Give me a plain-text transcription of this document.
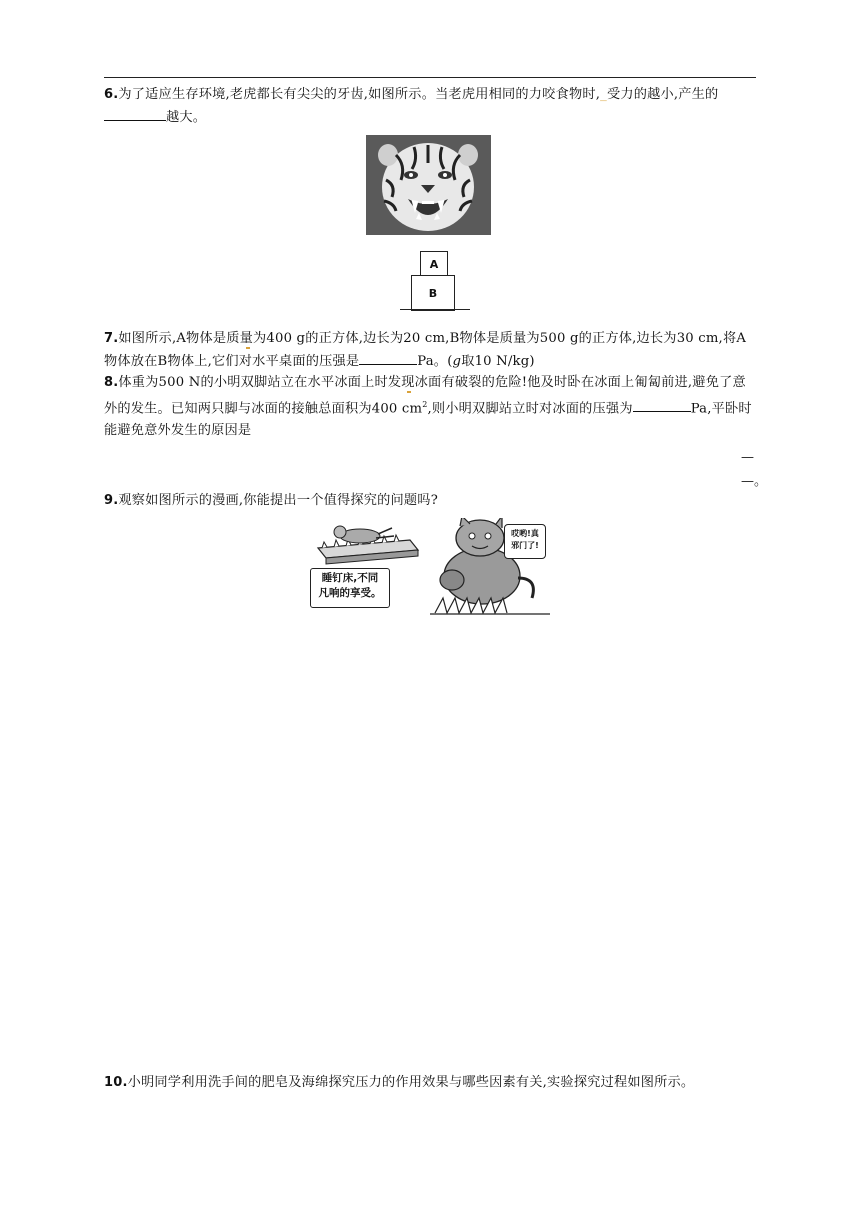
6.为了适应生存环境,老虎都长有尖尖的牙齿,如图所示。当老虎用相同的力咬食物时,_受力的越小,产生的越大。
A
B
7.如图所示,A物体是质量为400 g的正方体,边长为20 cm,B物体是质量为500 g的正方体,边长为30 cm,将A物体放在B物体上,它们对水平桌面的压强是	Pa。(g取10 N/kg)
8.体重为500 N的小明双脚站立在水平冰面上时发现冰面有破裂的危险!他及时卧在冰面上匍匐前进,避免了意外的发生。已知两只脚与冰面的接触总面积为400 $cm^2$,则小明双脚站立时对冰面的压强为	Pa,平卧时能避免意外发生的原因是
—
—。
9.观察如图所示的漫画,你能提出一个值得探究的问题吗?
睡钉床,不同
凡响的享受。
哎哟!真
邪门了!
10.小明同学利用洗手间的肥皂及海绵探究压力的作用效果与哪些因素有关,实验探究过程如图所示。
